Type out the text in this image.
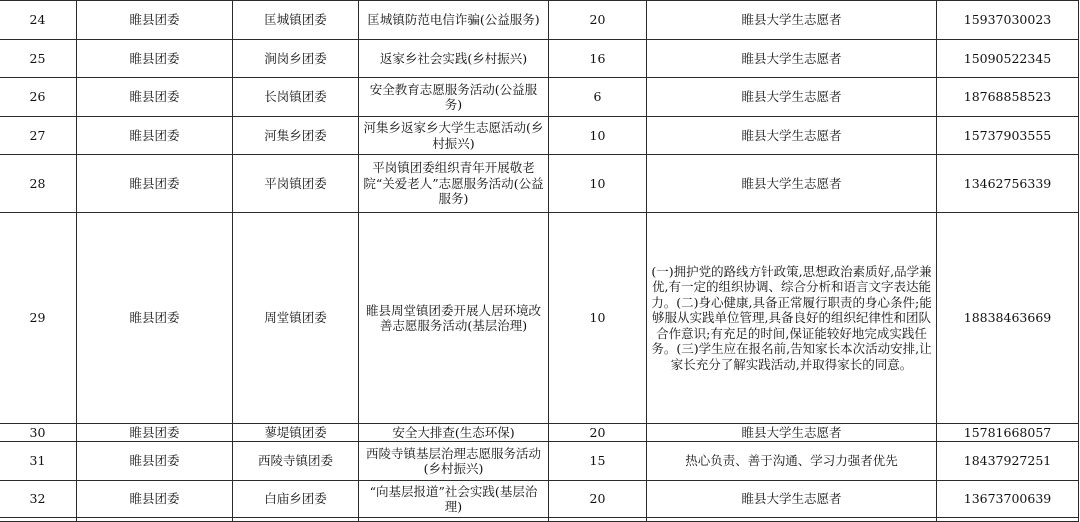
24	睢县团委	匡城镇团委	匡城镇防范电信诈骗(公益服务)	20	睢县大学生志愿者	15937030023
25	睢县团委	涧岗乡团委	返家乡社会实践(乡村振兴)	16	睢县大学生志愿者	15090522345
26	睢县团委	长岗镇团委	安全教育志愿服务活动(公益服务)	6	睢县大学生志愿者	18768858523
27	睢县团委	河集乡团委	河集乡返家乡大学生志愿活动(乡村振兴)	10	睢县大学生志愿者	15737903555
28	睢县团委	平岗镇团委	平岗镇团委组织青年开展敬老院“关爱老人”志愿服务活动(公益服务)	10	睢县大学生志愿者	13462756339
29	睢县团委	周堂镇团委	睢县周堂镇团委开展人居环境改善志愿服务活动(基层治理)	10	(一)拥护党的路线方针政策,思想政治素质好,品学兼优,有一定的组织协调、综合分析和语言文字表达能力。(二)身心健康,具备正常履行职责的身心条件;能够服从实践单位管理,具备良好的组织纪律性和团队合作意识;有充足的时间,保证能较好地完成实践任务。(三)学生应在报名前,告知家长本次活动安排,让家长充分了解实践活动,并取得家长的同意。	18838463669
30	睢县团委	蓼堤镇团委	安全大排查(生态环保)	20	睢县大学生志愿者	15781668057
31	睢县团委	西陵寺镇团委	西陵寺镇基层治理志愿服务活动(乡村振兴)	15	热心负责、善于沟通、学习力强者优先	18437927251
32	睢县团委	白庙乡团委	“向基层报道”社会实践(基层治理)	20	睢县大学生志愿者	13673700639
